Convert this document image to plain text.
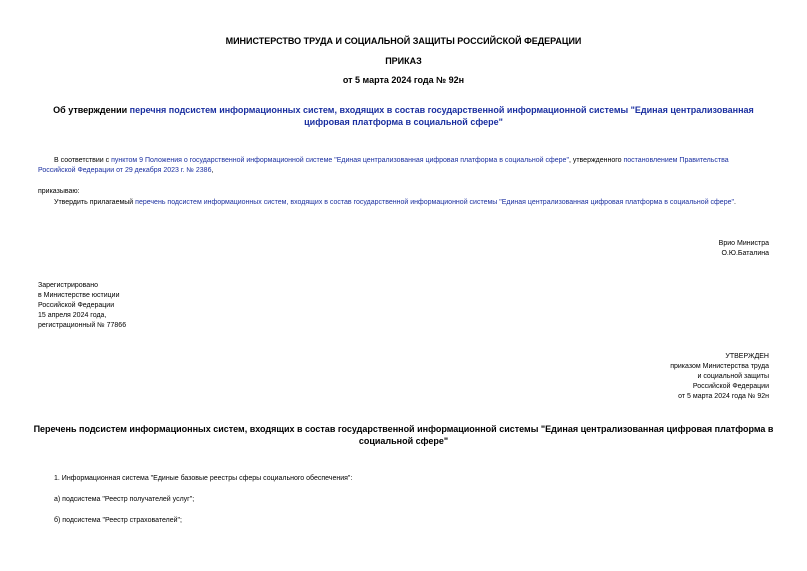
МИНИСТЕРСТВО ТРУДА И СОЦИАЛЬНОЙ ЗАЩИТЫ РОССИЙСКОЙ ФЕДЕРАЦИИ
ПРИКАЗ
от 5 марта 2024 года № 92н
Об утверждении перечня подсистем информационных систем, входящих в состав государственной информационной системы "Единая централизованная
цифровая платформа в социальной сфере"
В соответствии с пунктом 9 Положения о государственной информационной системе "Единая централизованная цифровая платформа в социальной сфере", утвержденного постановлением Правительства
Российской Федерации от 29 декабря 2023 г. № 2386,
приказываю:
Утвердить прилагаемый перечень подсистем информационных систем, входящих в состав государственной информационной системы "Единая централизованная цифровая платформа в социальной сфере".
Врио Министра
О.Ю.Баталина
Зарегистрировано
в Министерстве юстиции
Российской Федерации
15 апреля 2024 года,
регистрационный № 77866
УТВЕРЖДЕН
приказом Министерства труда
и социальной защиты
Российской Федерации
от 5 марта 2024 года № 92н
Перечень подсистем информационных систем, входящих в состав государственной информационной системы "Единая централизованная цифровая платформа в
социальной сфере"
1. Информационная система "Единые базовые реестры сферы социального обеспечения":
а) подсистема "Реестр получателей услуг";
б) подсистема "Реестр страхователей";
